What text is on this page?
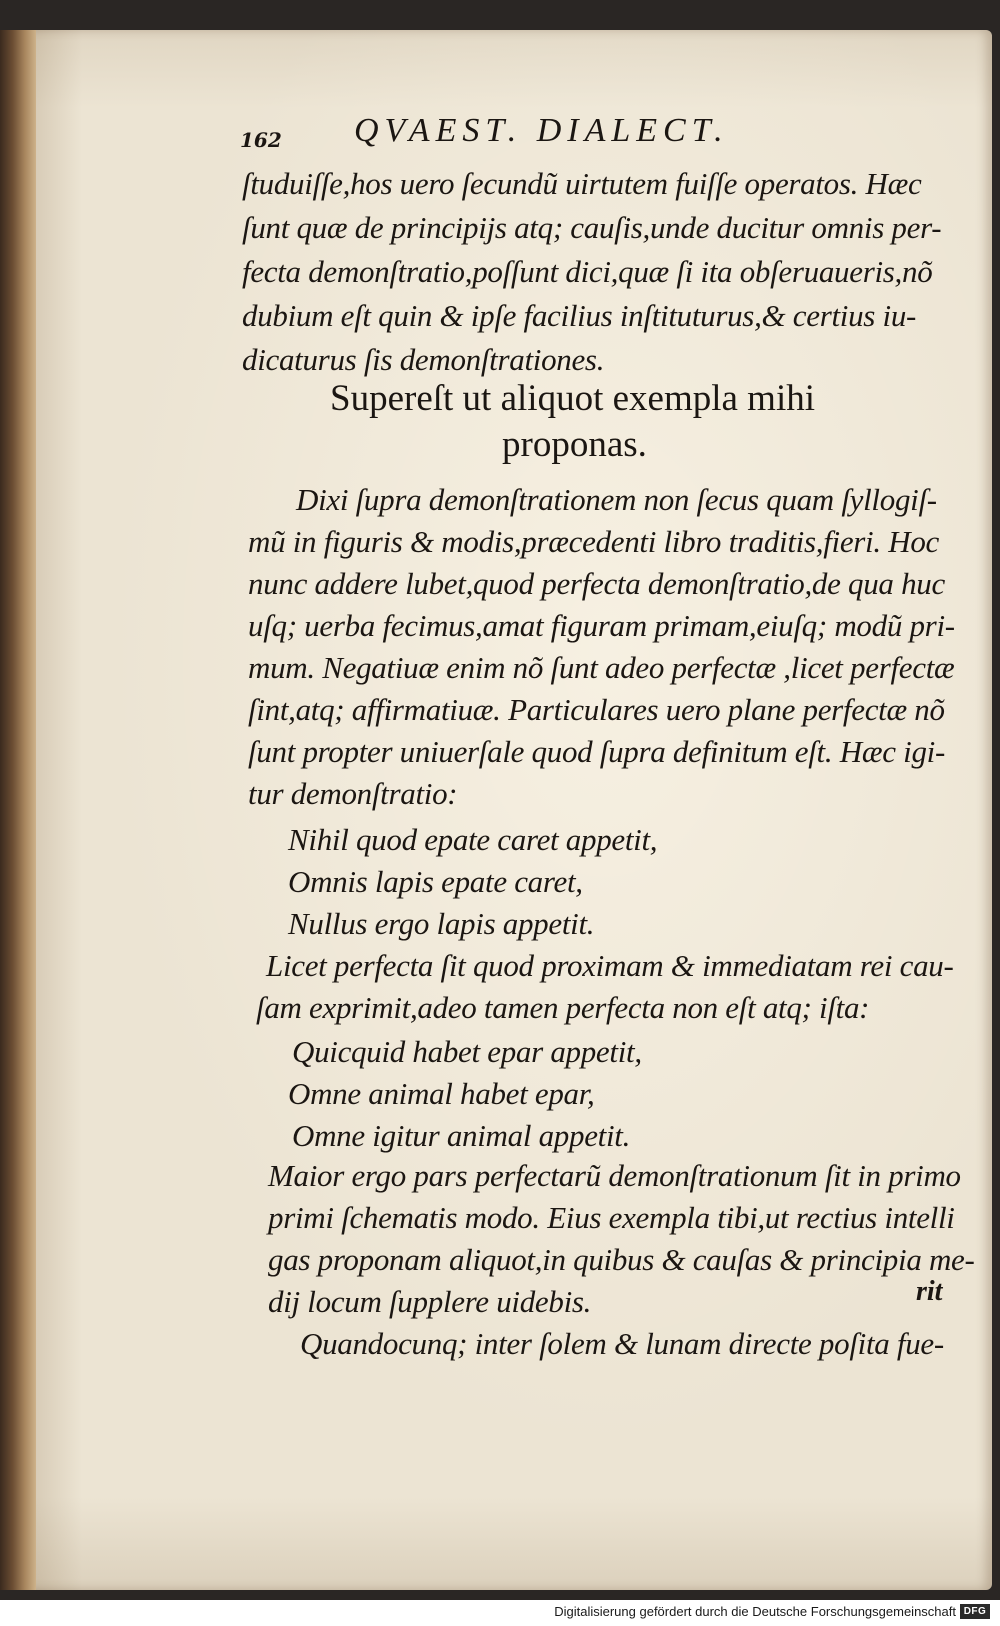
162 QVAEST. DIALECT.
ſtuduiſſe,hos uero ſecundũ uirtutem fuiſſe operatos. Hæc
ſunt quæ de principijs atq; cauſis,unde ducitur omnis per-
fecta demonſtratio,poſſunt dici,quæ ſi ita obſeruaueris,nõ
dubium eſt quin & ipſe facilius inſtituturus,& certius iu-
dicaturus ſis demonſtrationes.
Supereſt ut aliquot exempla mihi
proponas.
Dixi ſupra demonſtrationem non ſecus quam ſyllogiſ-
mũ in figuris & modis,præcedenti libro traditis,fieri. Hoc
nunc addere lubet,quod perfecta demonſtratio,de qua huc
uſq; uerba fecimus,amat figuram primam,eiuſq; modũ pri-
mum. Negatiuæ enim nõ ſunt adeo perfectæ ,licet perfectæ
ſint,atq; affirmatiuæ. Particulares uero plane perfectæ nõ
ſunt propter uniuerſale quod ſupra definitum eſt. Hæc igi-
tur demonſtratio:
Nihil quod epate caret appetit,
Omnis lapis epate caret,
Nullus ergo lapis appetit.
Licet perfecta ſit quod proximam & immediatam rei cau-
ſam exprimit,adeo tamen perfecta non eſt atq; iſta:
Quicquid habet epar appetit,
Omne animal habet epar,
Omne igitur animal appetit.
Maior ergo pars perfectarũ demonſtrationum ſit in primo
primi ſchematis modo. Eius exempla tibi,ut rectius intelli
gas proponam aliquot,in quibus & cauſas & principia me-
dij locum ſupplere uidebis.
Quandocunq; inter ſolem & lunam directe poſita fue-
rit
Digitalisierung gefördert durch die Deutsche Forschungsgemeinschaft DFG
